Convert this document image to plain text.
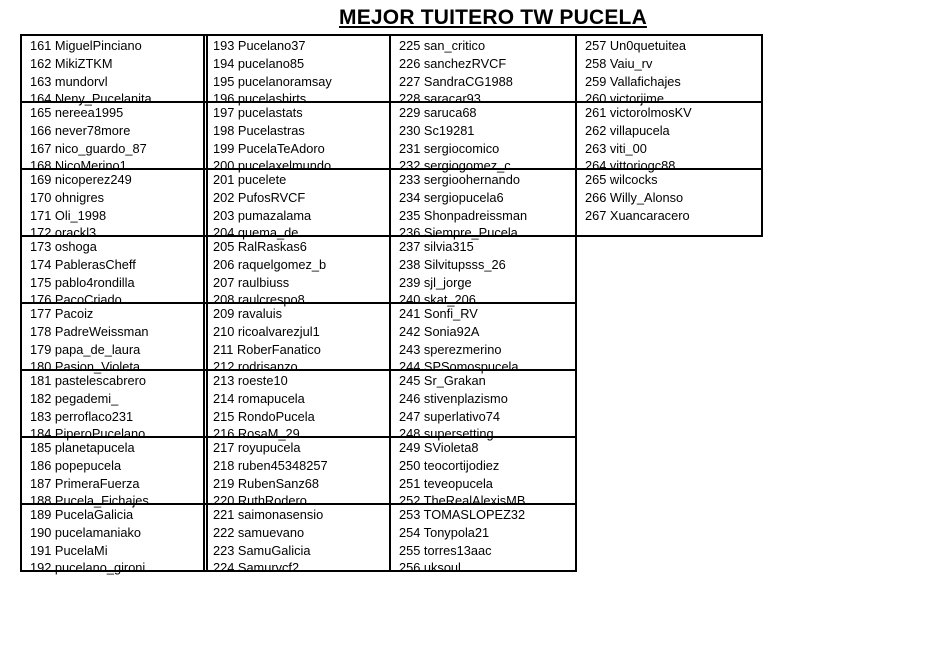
MEJOR TUITERO TW PUCELA
161 MiguelPinciano
162 MikiZTKM
163 mundorvl
164 Neny_Pucelanita
165 nereea1995
166 never78more
167 nico_guardo_87
168 NicoMerino1
169 nicoperez249
170 ohnigres
171 Oli_1998
172 orackl3
173 oshoga
174 PablerasCheff
175 pablo4rondilla
176 PacoCriado
177 Pacoiz
178 PadreWeissman
179 papa_de_laura
180 Pasion_Violeta
181 pastelescabrero
182 pegademi_
183 perroflaco231
184 PiperoPucelano
185 planetapucela
186 popepucela
187 PrimeraFuerza
188 Pucela_Fichajes
189 PucelaGalicia
190 pucelamaniako
191 PucelaMi
192 pucelano_gironi
193 Pucelano37
194 pucelano85
195 pucelanoramsay
196 pucelashirts
197 pucelastats
198 Pucelastras
199 PucelaTeAdoro
200 pucelaxelmundo
201 pucelete
202 PufosRVCF
203 pumazalama
204 quema_de
205 RalRaskas6
206 raquelgomez_b
207 raulbiuss
208 raulcrespo8
209 ravaluis
210 ricoalvarezjul1
211 RoberFanatico
212 rodrisanzo
213 roeste10
214 romapucela
215 RondoPucela
216 RosaM_29
217 royupucela
218 ruben45348257
219 RubenSanz68
220 RuthRodero
221 saimonasensio
222 samuevano
223 SamuGalicia
224 Samurvcf2
225 san_critico
226 sanchezRVCF
227 SandraCG1988
228 saracar93
229 saruca68
230 Sc19281
231 sergiocomico
232 sergiogomez_c
233 sergioohernando
234 sergiopucela6
235 Shonpadreissman
236 Siempre_Pucela
237 silvia315
238 Silvitupsss_26
239 sjl_jorge
240 skat_206
241 Sonfi_RV
242 Sonia92A
243 sperezmerino
244 SPSomospucela
245 Sr_Grakan
246 stivenplazismo
247 superlativo74
248 supersetting
249 SVioleta8
250 teocortijodiez
251 teveopucela
252 TheRealAlexisMB
253 TOMASLOPEZ32
254 Tonypola21
255 torres13aac
256 uksoul
257 Un0quetuitea
258 Vaiu_rv
259 Vallafichajes
260 victorjime
261 victorolmosKV
262 villapucela
263 viti_00
264 vittoriogc88
265 wilcocks
266 Willy_Alonso
267 Xuancaracero
